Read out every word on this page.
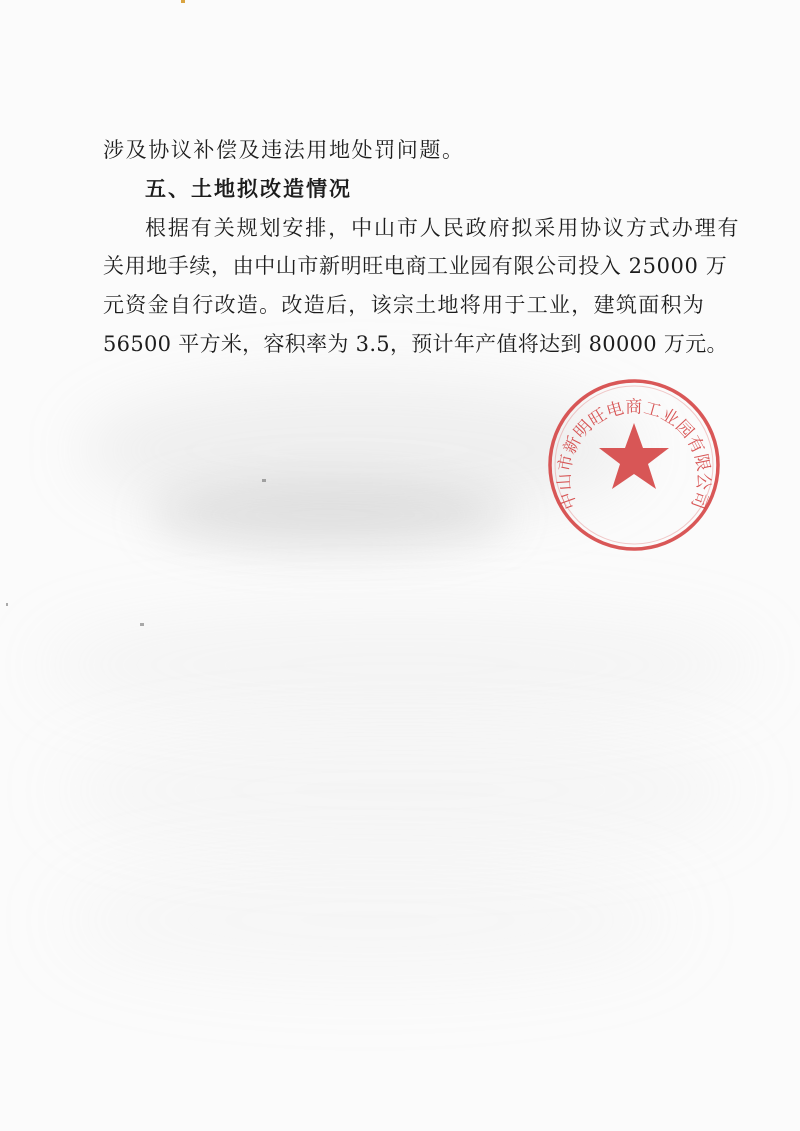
涉及协议补偿及违法用地处罚问题。
五、土地拟改造情况
根据有关规划安排，中山市人民政府拟采用协议方式办理有
关用地手续，由中山市新明旺电商工业园有限公司投入 25000 万
元资金自行改造。改造后，该宗土地将用于工业，建筑面积为
56500 平方米，容积率为 3.5，预计年产值将达到 80000 万元。
中山市新明旺电商工业园有限公司
